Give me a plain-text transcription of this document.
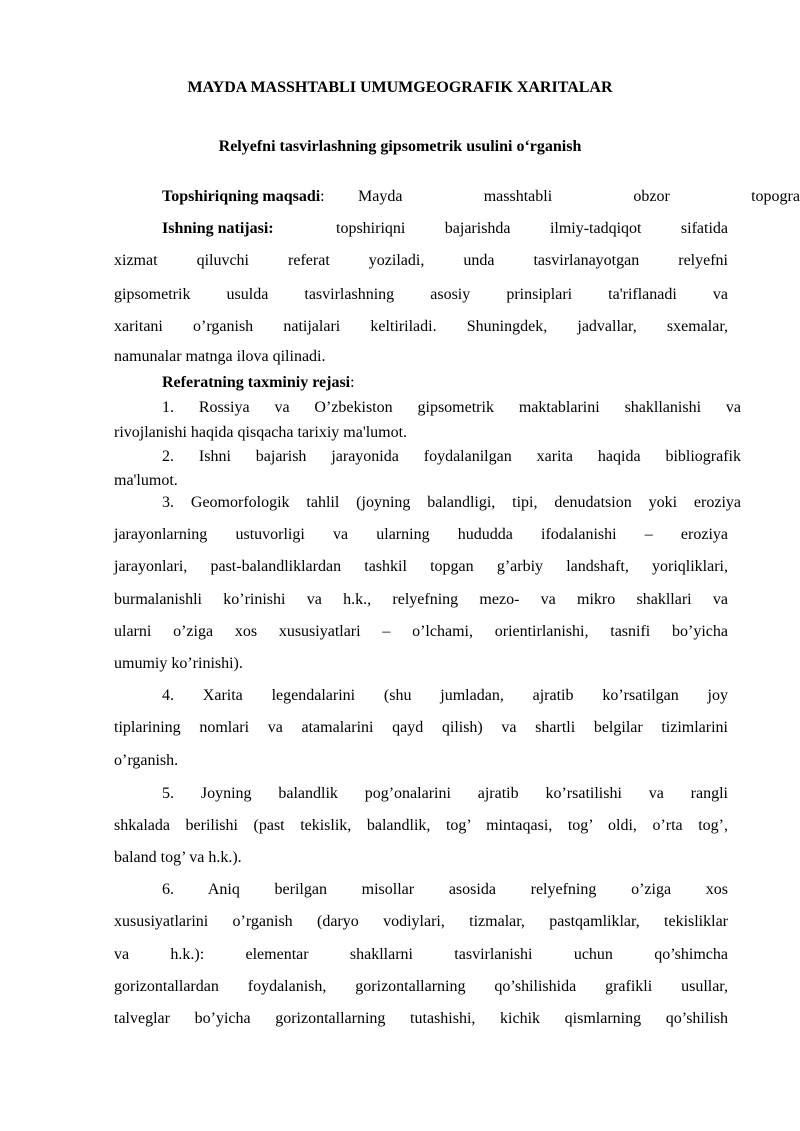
MAYDA MASSHTABLI UMUMGEOGRAFIK XARITALAR
Relyefni tasvirlashning gipsometrik usulini o‘rganish
Topshiriqning maqsadi: Mayda	masshtabli	obzor	topogra
Ishning natijasi:	topshiriqni bajarishda ilmiy-tadqiqot sifatida
xizmat qiluvchi referat yoziladi, unda tasvirlanayotgan relyefni
gipsometrik usulda tasvirlashning asosiy prinsiplari ta'riflanadi va
xaritani o’rganish natijalari keltiriladi. Shuningdek, jadvallar, sxemalar,
namunalar matnga ilova qilinadi.
Referatning taxminiy rejasi:
1. Rossiya va O’zbekiston gipsometrik maktablarini shakllanishi va
rivojlanishi haqida qisqacha tarixiy ma'lumot.
2. Ishni bajarish jarayonida foydalanilgan xarita haqida bibliografik
ma'lumot.
3. Geomorfologik tahlil (joyning balandligi, tipi, denudatsion yoki eroziya
jarayonlarning ustuvorligi va ularning hududda ifodalanishi – eroziya
jarayonlari, past-balandliklardan tashkil topgan g’arbiy landshaft, yoriqliklari,
burmalanishli ko’rinishi va h.k., relyefning mezo- va mikro shakllari va
ularni o’ziga xos xususiyatlari – o’lchami, orientirlanishi, tasnifi bo’yicha
umumiy ko’rinishi).
4. Xarita legendalarini (shu jumladan, ajratib ko’rsatilgan joy
tiplarining nomlari va atamalarini qayd qilish) va shartli belgilar tizimlarini
o’rganish.
5. Joyning balandlik pog’onalarini ajratib ko’rsatilishi va rangli
shkalada berilishi (past tekislik, balandlik, tog’ mintaqasi, tog’ oldi, o’rta tog’,
baland tog’ va h.k.).
6. Aniq berilgan misollar asosida relyefning o’ziga xos
xususiyatlarini o’rganish (daryo vodiylari, tizmalar, pastqamliklar, tekisliklar
va h.k.): elementar shakllarni tasvirlanishi uchun qo’shimcha
gorizontallardan foydalanish, gorizontallarning qo’shilishida grafikli usullar,
talveglar bo’yicha gorizontallarning tutashishi, kichik qismlarning qo’shilish
